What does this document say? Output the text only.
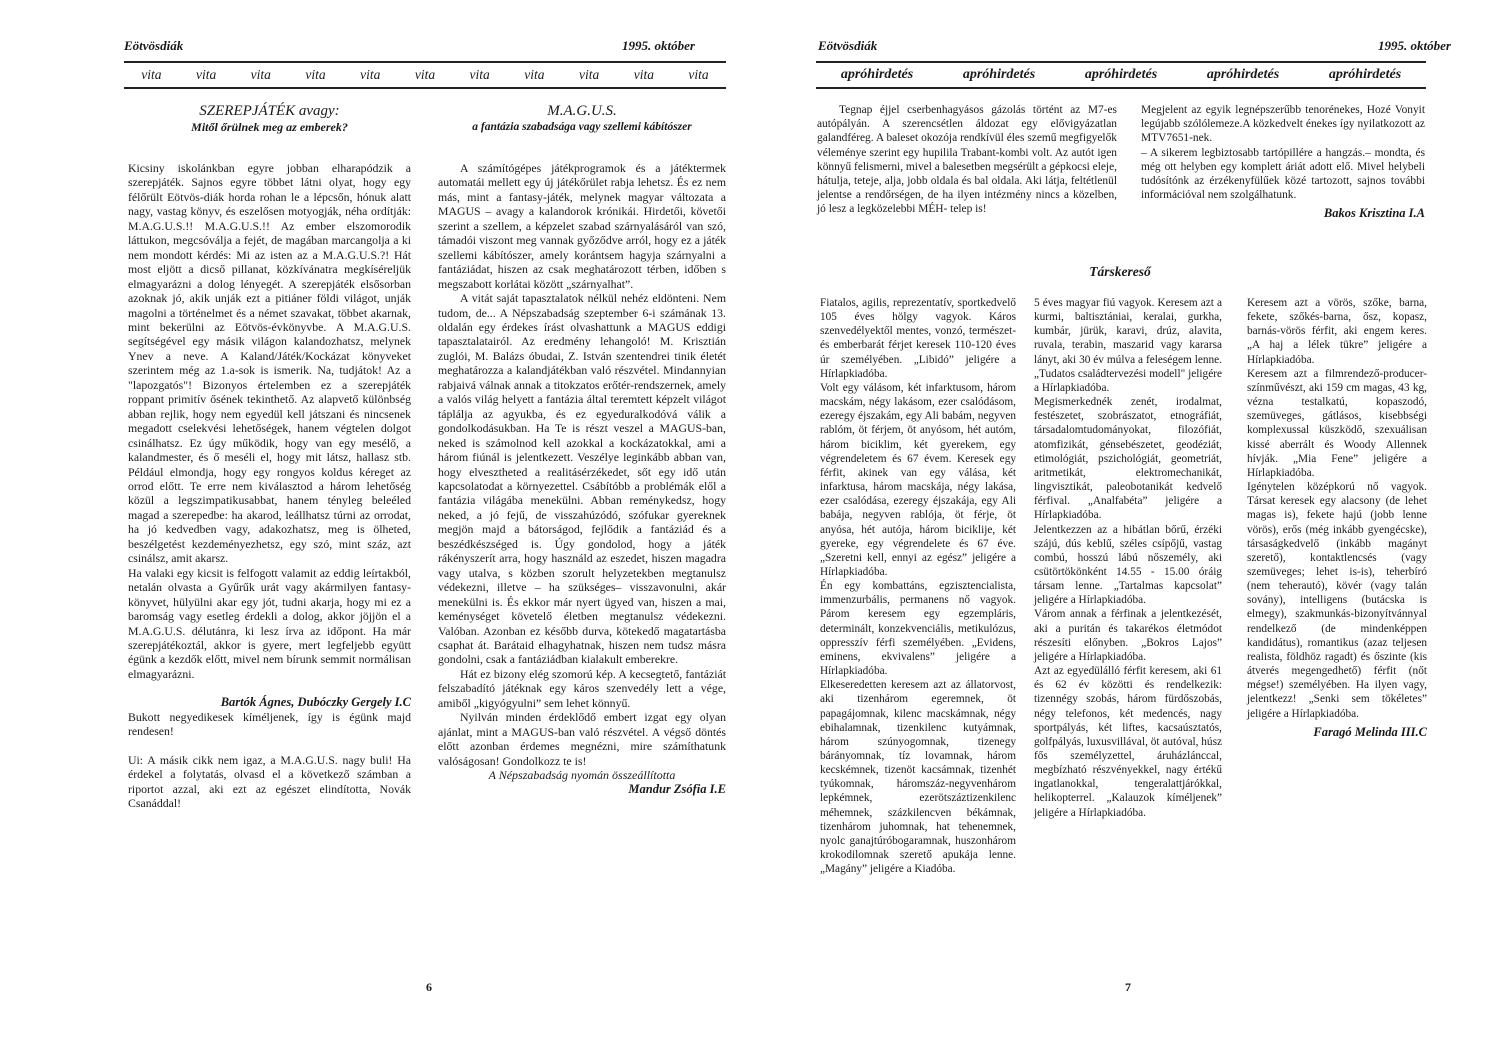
Eötvösdiák	1995. október
vita	vita	vita	vita	vita	vita	vita	vita	vita	vita	vita
SZEREPJÁTÉK avagy:
Mitől őrülnek meg az emberek?

Kicsiny iskolánkban egyre jobban elharapódzik a szerepjáték. Sajnos egyre többet látni olyat, hogy egy félőrült Eötvös-diák horda rohan le a lépcsőn, hónuk alatt nagy, vastag könyv, és eszelősen motyogják, néha ordítják: M.A.G.U.S.!! M.A.G.U.S.!! Az ember elszomorodik láttukon, megcsóválja a fejét, de magában marcangolja a ki nem mondott kérdés: Mi az isten az a M.A.G.U.S.?! Hát most eljött a dicső pillanat, közkívánatra megkíséreljük elmagyarázni a dolog lényegét. A szerepjáték elsősorban azoknak jó, akik unják ezt a pitiáner földi világot, unják magolni a történelmet és a német szavakat, többet akarnak, mint bekerülni az Eötvös-évkönyvbe. A M.A.G.U.S. segítségével egy másik világon kalandozhatsz, melynek Ynev a neve. A Kaland/Játék/Kockázat könyveket szerintem még az 1.a-sok is ismerik. Na, tudjátok! Az a "lapozgatós"! Bizonyos értelemben ez a szerepjáték roppant primitív ősének tekinthető. Az alapvető különbség abban rejlik, hogy nem egyedül kell játszani és nincsenek megadott cselekvési lehetőségek, hanem végtelen dolgot csinálhatsz. Ez úgy működik, hogy van egy mesélő, a kalandmester, és ő meséli el, hogy mit látsz, hallasz stb. Például elmondja, hogy egy rongyos koldus kéreget az orrod előtt. Te erre nem kiválasztod a három lehetőség közül a legszimpatikusabbat, hanem tényleg beleéled magad a szerepedbe: ha akarod, leállhatsz túrni az orrodat, ha jó kedvedben vagy, adakozhatsz, meg is ölheted, beszélgetést kezdeményezhetsz, egy szó, mint száz, azt csinálsz, amit akarsz.

Ha valaki egy kicsit is felfogott valamit az eddig leírtakból, netalán olvasta a Gyűrűk urát vagy akármilyen fantasy-könyvet, hülyülni akar egy jót, tudni akarja, hogy mi ez a baromság vagy esetleg érdekli a dolog, akkor jöjjön el a M.A.G.U.S. délutánra, ki lesz írva az időpont. Ha már szerepjátékoztál, akkor is gyere, mert legfeljebb együtt égünk a kezdők előtt, mivel nem bírunk semmit normálisan elmagyarázni.

Bartók Ágnes, Dubóczky Gergely I.C

Bukott negyedikesek kíméljenek, így is égünk majd rendesen!

Ui: A másik cikk nem igaz, a M.A.G.U.S. nagy buli! Ha érdekel a folytatás, olvasd el a következő számban a riportot azzal, aki ezt az egészet elindította, Novák Csanáddal!

M.A.G.U.S.
a fantázia szabadsága vagy szellemi kábítószer

A számítógépes játékprogramok és a játéktermek automatái mellett egy új játékőrület rabja lehetsz. És ez nem más, mint a fantasy-játék, melynek magyar változata a MAGUS – avagy a kalandorok krónikái. Hirdetői, követői szerint a szellem, a képzelet szabad szárnyalásáról van szó, támadói viszont meg vannak győződve arról, hogy ez a játék szellemi kábítószer, amely korántsem hagyja szárnyalni a fantáziádat, hiszen az csak meghatározott térben, időben s megszabott korlátai között „szárnyalhat”.

A vitát saját tapasztalatok nélkül nehéz eldönteni. Nem tudom, de... A Népszabadság szeptember 6-i számának 13. oldalán egy érdekes írást olvashattunk a MAGUS eddigi tapasztalatairól. Az eredmény lehangoló! M. Krisztián zuglói, M. Balázs óbudai, Z. István szentendrei tinik életét meghatározza a kalandjátékban való részvétel. Mindannyian rabjaivá válnak annak a titokzatos erőtér-rendszernek, amely a valós világ helyett a fantázia által teremtett képzelt világot táplálja az agyukba, és ez egyeduralkodóvá válik a gondolkodásukban. Ha Te is részt veszel a MAGUS-ban, neked is számolnod kell azokkal a kockázatokkal, ami a három fiúnál is jelentkezett. Veszélye leginkább abban van, hogy elvesztheted a realitásérzékedet, sőt egy idő után kapcsolatodat a környezettel. Csábítóbb a problémák elől a fantázia világába menekülni. Abban reménykedsz, hogy neked, a jó fejű, de visszahúzódó, szófukar gyereknek megjön majd a bátorságod, fejlődik a fantáziád és a beszédkészséged is. Úgy gondolod, hogy a játék rákényszerít arra, hogy használd az eszedet, hiszen magadra vagy utalva, s közben szorult helyzetekben megtanulsz védekezni, illetve – ha szükséges– visszavonulni, akár menekülni is. És ekkor már nyert ügyed van, hiszen a mai, keménységet követelő életben megtanulsz védekezni. Valóban. Azonban ez később durva, kötekedő magatartásba csaphat át. Barátaid elhagyhatnak, hiszen nem tudsz másra gondolni, csak a fantáziádban kialakult emberekre.

Hát ez bizony elég szomorú kép. A kecsegtető, fantáziát felszabadító játéknak egy káros szenvedély lett a vége, amiből „kigyógyulni” sem lehet könnyű.

Nyilván minden érdeklődő embert izgat egy olyan ajánlat, mint a MAGUS-ban való részvétel. A végső döntés előtt azonban érdemes megnézni, mire számíthatunk valóságosan! Gondolkozz te is!

A Népszabadság nyomán összeállította
Mandur Zsófia I.E
6
Eötvösdiák	1995. október
apróhirdetés	apróhirdetés	apróhirdetés	apróhirdetés	apróhirdetés

Tegnap éjjel cserbenhagyásos gázolás történt az M7-es autópályán. A szerencsétlen áldozat egy elővigyázatlan galandféreg. A baleset okozója rendkívül éles szemű megfigyelők véleménye szerint egy hupilila Trabant-kombi volt. Az autót igen könnyű felismerni, mivel a balesetben megsérült a gépkocsi eleje, hátulja, teteje, alja, jobb oldala és bal oldala. Aki látja, feltétlenül jelentse a rendőrségen, de ha ilyen intézmény nincs a közelben, jó lesz a legközelebbi MÉH- telep is!

Megjelent az egyik legnépszerűbb tenorénekes, Hozé Vonyit legújabb szólólemeze.A közkedvelt énekes így nyilatkozott az MTV7651-nek.

– A sikerem legbiztosabb tartópillére a hangzás.– mondta, és még ott helyben egy komplett áriát adott elő. Mivel helybeli tudósítónk az érzékenyfülűek közé tartozott, sajnos további információval nem szolgálhatunk.

Bakos Krisztina I.A
Társkereső

Fiatalos, agilis, reprezentatív, sportkedvelő 105 éves hölgy vagyok. Káros szenvedélyektől mentes, vonzó, természet- és emberbarát férjet keresek 110-120 éves úr személyében. „Libidó” jeligére a Hírlapkiadóba.

Volt egy válásom, két infarktusom, három macskám, négy lakásom, ezer csalódásom, ezeregy éjszakám, egy Ali babám, negyven rablóm, öt férjem, öt anyósom, hét autóm, három biciklim, két gyerekem, egy végrendeletem és 67 évem. Keresek egy férfit, akinek van egy válása, két infarktusa, három macskája, négy lakása, ezer csalódása, ezeregy éjszakája, egy Ali babája, negyven rablója, öt férje, öt anyósa, hét autója, három biciklije, két gyereke, egy végrendelete és 67 éve. „Szeretni kell, ennyi az egész” jeligére a Hírlapkiadóba.

Én egy kombattáns, egzisztencialista, immenzurbális, permanens nő vagyok. Párom keresem egy egzempláris, determinált, konzekvenciális, metikulózus, oppresszív férfi személyében. „Evidens, eminens, ekvivalens” jeligére a Hírlapkiadóba.

Elkeseredetten keresem azt az állatorvost, aki tizenhárom egeremnek, öt papagájomnak, kilenc macskámnak, négy ebihalamnak, tizenkilenc kutyámnak, három szúnyogomnak, tizenegy bárányomnak, tíz lovamnak, három kecskémnek, tizenöt kacsámnak, tizenhét tyúkomnak, háromszáz-negyvenhárom lepkémnek, ezerötszáztizenkilenc méhemnek, százkilencven békámnak, tizenhárom juhomnak, hat tehenemnek, nyolc ganajtúróbogaramnak, huszonhárom krokodilomnak szerető apukája lenne. „Magány” jeligére a Kiadóba.

5 éves magyar fiú vagyok. Keresem azt a kurmi, baltisztániai, keralai, gurkha, kumbár, jürük, karavi, drúz, alavita, ruvala, terabin, maszarid vagy kararsa lányt, aki 30 év múlva a feleségem lenne. „Tudatos családtervezési modell" jeligére a Hírlapkiadóba.

Megismerkednék zenét, irodalmat, festészetet, szobrászatot, etnográfiát, társadalomtudományokat, filozófiát, atomfizikát, génsebészetet, geodéziát, etimológiát, pszichológiát, geometriát, aritmetikát, elektromechanikát, lingvisztikát, paleobotanikát kedvelő férfival. „Analfabéta” jeligére a Hírlapkiadóba.

Jelentkezzen az a hibátlan bőrű, érzéki szájú, dús keblű, széles csípőjű, vastag combú, hosszú lábú nőszemély, aki csütörtökönként 14.55 - 15.00 óráig társam lenne. „Tartalmas kapcsolat” jeligére a Hírlapkiadóba.

Várom annak a férfinak a jelentkezését, aki a puritán és takarékos életmódot részesíti előnyben. „Bokros Lajos” jeligére a Hírlapkiadóba.

Azt az egyedülálló férfit keresem, aki 61 és 62 év közötti és rendelkezik: tizennégy szobás, három fürdőszobás, négy telefonos, két medencés, nagy sportpályás, két liftes, kacsaúsztatós, golfpályás, luxusvillával, öt autóval, húsz fős személyzettel, áruházlánccal, megbízható részvényekkel, nagy értékű ingatlanokkal, tengeralattjárókkal, helikopterrel. „Kalauzok kíméljenek” jeligére a Hírlapkiadóba.

Keresem azt a vörös, szőke, barna, fekete, szőkés-barna, ősz, kopasz, barnás-vörös férfit, aki engem keres. „A haj a lélek tükre” jeligére a Hírlapkiadóba.

Keresem azt a filmrendező-producer-színművészt, aki 159 cm magas, 43 kg, vézna testalkatú, kopaszodó, szemüveges, gátlásos, kisebbségi komplexussal küszködő, szexuálisan kissé aberrált és Woody Allennek hívják. „Mia Fene” jeligére a Hírlapkiadóba.

Igénytelen középkorú nő vagyok. Társat keresek egy alacsony (de lehet magas is), fekete hajú (jobb lenne vörös), erős (még inkább gyengécske), társaságkedvelő (inkább magányt szerető), kontaktlencsés (vagy szemüveges; lehet is-is), teherbíró (nem teherautó), kövér (vagy talán sovány), intelligens (butácska is elmegy), szakmunkás-bizonyítvánnyal rendelkező (de mindenképpen kandidátus), romantikus (azaz teljesen realista, földhöz ragadt) és őszinte (kis átverés megengedhető) férfit (nőt mégse!) személyében. Ha ilyen vagy, jelentkezz! „Senki sem tökéletes” jeligére a Hírlapkiadóba.

Faragó Melinda III.C
7
